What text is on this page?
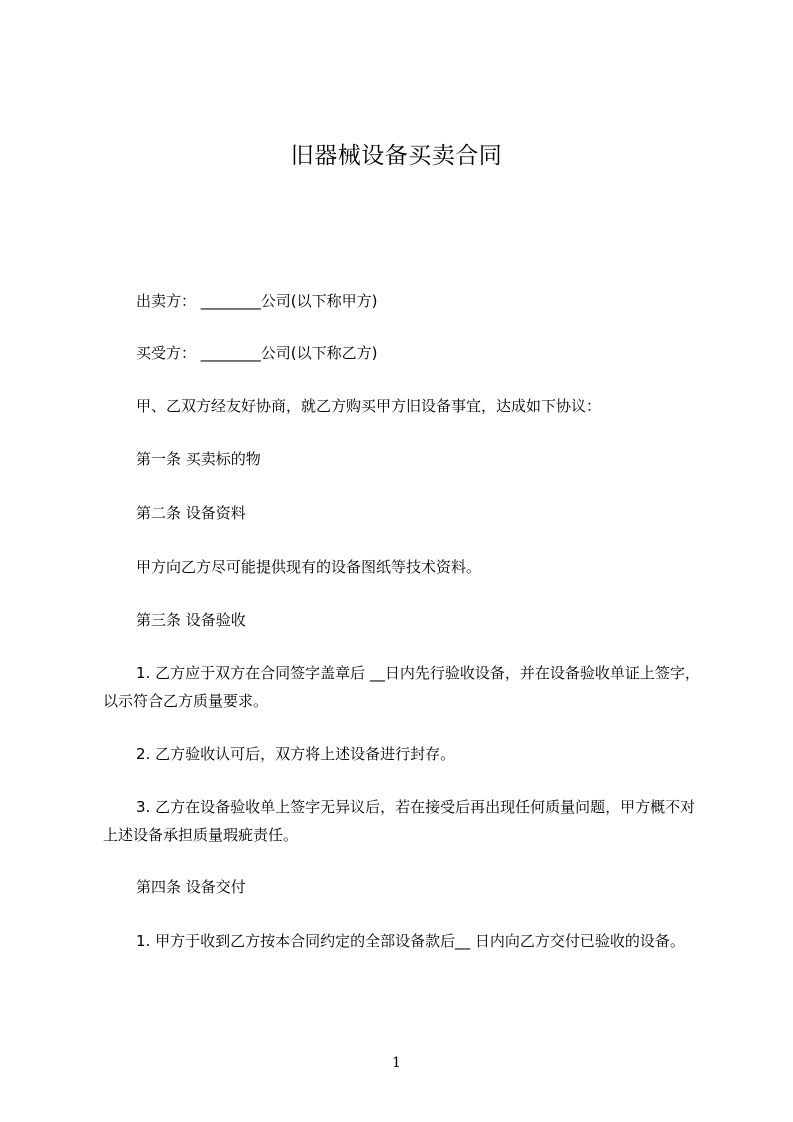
旧器械设备买卖合同
出卖方： ________公司(以下称甲方)
买受方： ________公司(以下称乙方)
甲、乙双方经友好协商，就乙方购买甲方旧设备事宜，达成如下协议：
第一条 买卖标的物
第二条 设备资料
甲方向乙方尽可能提供现有的设备图纸等技术资料。
第三条 设备验收
1. 乙方应于双方在合同签字盖章后 __日内先行验收设备，并在设备验收单证上签字，以示符合乙方质量要求。
2. 乙方验收认可后，双方将上述设备进行封存。
3. 乙方在设备验收单上签字无异议后，若在接受后再出现任何质量问题，甲方概不对上述设备承担质量瑕疵责任。
第四条 设备交付
1. 甲方于收到乙方按本合同约定的全部设备款后__ 日内向乙方交付已验收的设备。
1
